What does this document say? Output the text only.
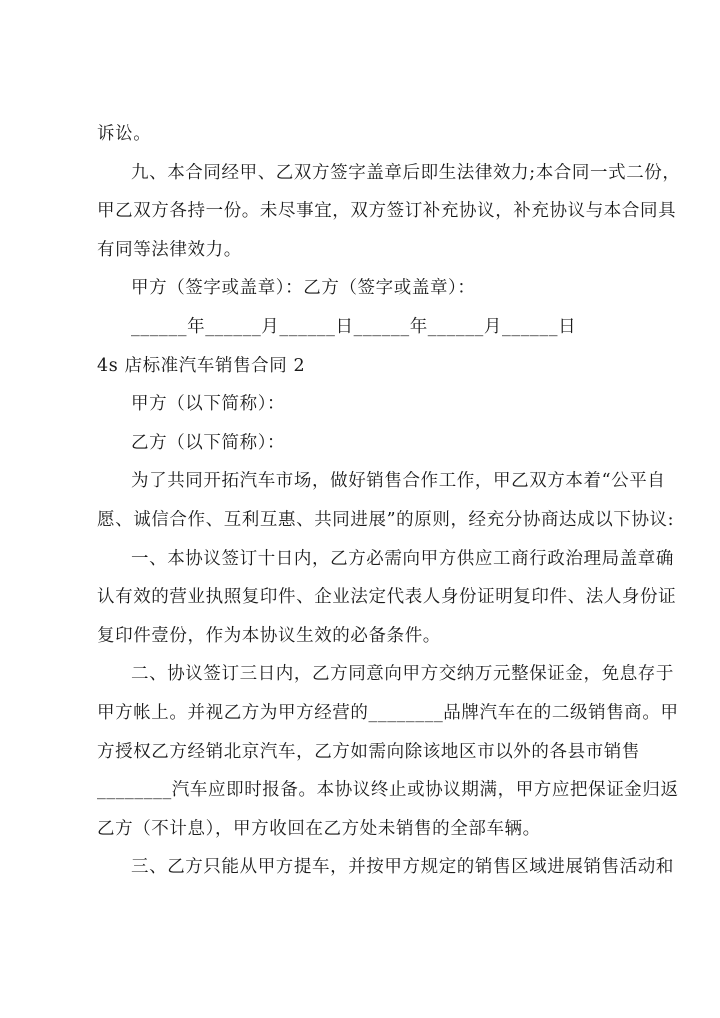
诉讼。
九、本合同经甲、乙双方签字盖章后即生法律效力;本合同一式二份，
甲乙双方各持一份。未尽事宜，双方签订补充协议，补充协议与本合同具
有同等法律效力。
甲方（签字或盖章）：乙方（签字或盖章）：
______年______月______日______年______月______日
4s 店标准汽车销售合同 2
甲方（以下简称）：
乙方（以下简称）：
为了共同开拓汽车市场，做好销售合作工作，甲乙双方本着“公平自
愿、诚信合作、互利互惠、共同进展”的原则，经充分协商达成以下协议:
一、本协议签订十日内，乙方必需向甲方供应工商行政治理局盖章确
认有效的营业执照复印件、企业法定代表人身份证明复印件、法人身份证
复印件壹份，作为本协议生效的必备条件。
二、协议签订三日内，乙方同意向甲方交纳万元整保证金，免息存于
甲方帐上。并视乙方为甲方经营的________品牌汽车在的二级销售商。甲
方授权乙方经销北京汽车，乙方如需向除该地区市以外的各县市销售
________汽车应即时报备。本协议终止或协议期满，甲方应把保证金归返
乙方（不计息），甲方收回在乙方处未销售的全部车辆。
三、乙方只能从甲方提车，并按甲方规定的销售区域进展销售活动和
